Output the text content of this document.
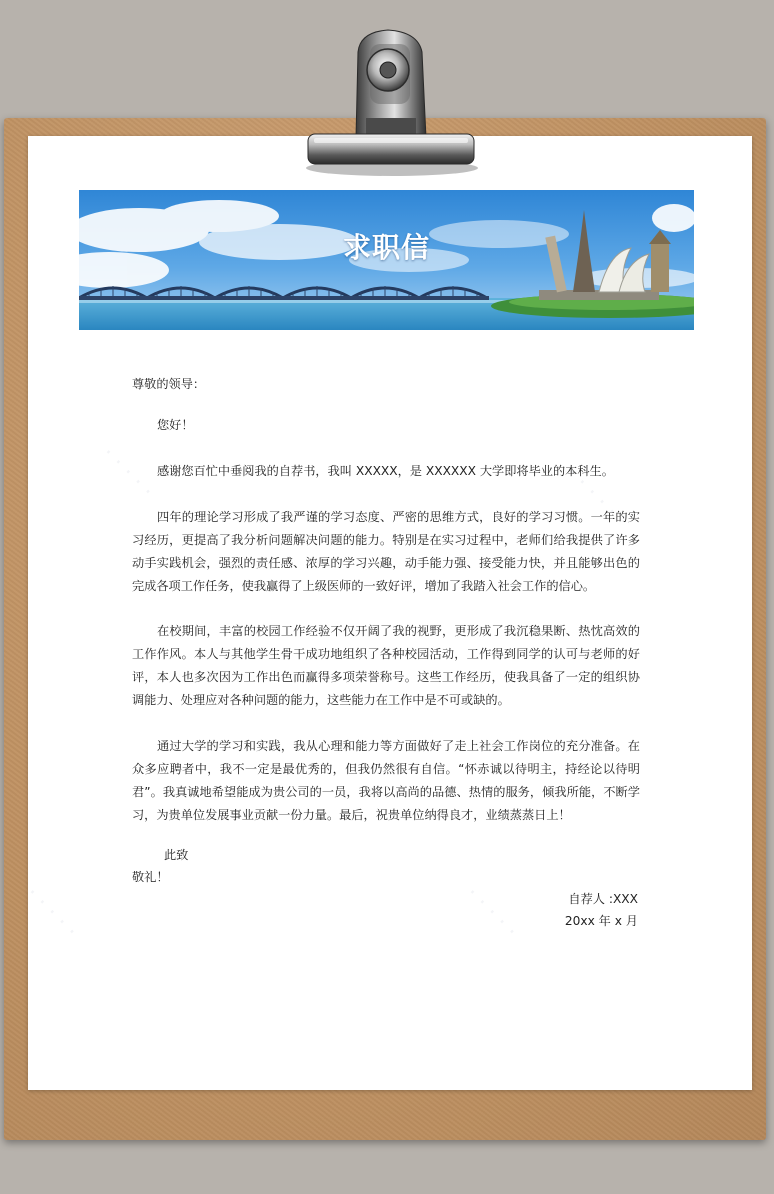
求职信

尊敬的领导：

您好！

感谢您百忙中垂阅我的自荐书，我叫 XXXXX，是 XXXXXX 大学即将毕业的本科生。

四年的理论学习形成了我严谨的学习态度、严密的思维方式，良好的学习习惯。一年的实习经历，更提高了我分析问题解决问题的能力。特别是在实习过程中，老师们给我提供了许多动手实践机会，强烈的责任感、浓厚的学习兴趣，动手能力强、接受能力快，并且能够出色的完成各项工作任务，使我赢得了上级医师的一致好评，增加了我踏入社会工作的信心。

在校期间，丰富的校园工作经验不仅开阔了我的视野，更形成了我沉稳果断、热忱高效的工作作风。本人与其他学生骨干成功地组织了各种校园活动，工作得到同学的认可与老师的好评，本人也多次因为工作出色而赢得多项荣誉称号。这些工作经历，使我具备了一定的组织协调能力、处理应对各种问题的能力，这些能力在工作中是不可或缺的。

通过大学的学习和实践，我从心理和能力等方面做好了走上社会工作岗位的充分准备。在众多应聘者中，我不一定是最优秀的，但我仍然很有自信。“怀赤诚以待明主，持经论以待明君”。我真诚地希望能成为贵公司的一员，我将以高尚的品德、热情的服务，倾我所能，不断学习，为贵单位发展事业贡献一份力量。最后，祝贵单位纳得良才，业绩蒸蒸日上！

此致

敬礼！

自荐人 :XXX

20xx 年 x 月
